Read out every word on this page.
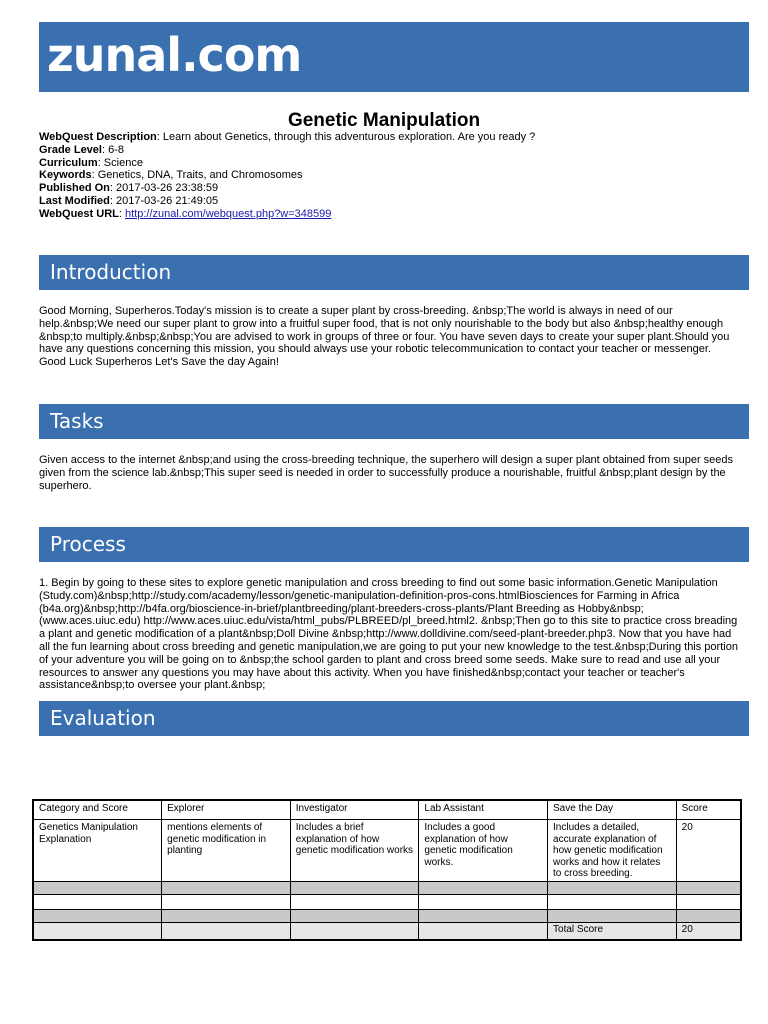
zunal.com
Genetic Manipulation
WebQuest Description: Learn about Genetics, through this adventurous exploration. Are you ready ?
Grade Level: 6-8
Curriculum: Science
Keywords: Genetics, DNA, Traits, and Chromosomes
Published On: 2017-03-26 23:38:59
Last Modified: 2017-03-26 21:49:05
WebQuest URL: http://zunal.com/webquest.php?w=348599
Introduction
Good Morning, Superheros.Today's mission is to create a super plant by cross-breeding. &nbsp;The world is always in need of our help.&nbsp;We need our super plant to grow into a fruitful super food, that is not only nourishable to the body but also &nbsp;healthy enough &nbsp;to multiply.&nbsp;&nbsp;You are advised to work in groups of three or four. You have seven days to create your super plant.Should you have any questions concerning this mission, you should always use your robotic telecommunication to contact your teacher or messenger. Good Luck Superheros Let's Save the day Again!
Tasks
Given access to the internet &nbsp;and using the cross-breeding technique, the superhero will design a super plant obtained from super seeds given from the science lab.&nbsp;This super seed is needed in order to successfully produce a nourishable, fruitful &nbsp;plant design by the superhero.
Process
1. Begin by going to these sites to explore genetic manipulation and cross breeding to find out some basic information.Genetic Manipulation (Study.com)&nbsp;http://study.com/academy/lesson/genetic-manipulation-definition-pros-cons.htmlBiosciences for Farming in Africa (b4a.org)&nbsp;http://b4fa.org/bioscience-in-brief/plantbreeding/plant-breeders-cross-plants/Plant Breeding as Hobby&nbsp;(www.aces.uiuc.edu) http://www.aces.uiuc.edu/vista/html_pubs/PLBREED/pl_breed.html2. &nbsp;Then go to this site to practice cross breading a plant and genetic modification of a plant&nbsp;Doll Divine &nbsp;http://www.dolldivine.com/seed-plant-breeder.php3. Now that you have had all the fun learning about cross breeding and genetic manipulation,we are going to put your new knowledge to the test.&nbsp;During this portion of your adventure you will be going on to &nbsp;the school garden to plant and cross breed some seeds. Make sure to read and use all your resources to answer any questions you may have about this activity. When you have finished&nbsp;contact your teacher or teacher's assistance&nbsp;to oversee your plant.&nbsp;
Evaluation
Category and Score	Explorer	Investigator	Lab Assistant	Save the Day	Score
Genetics Manipulation Explanation	mentions elements of genetic modification in planting	Includes a brief explanation of how genetic modification works	Includes a good explanation of how genetic modification works.	Includes a detailed, accurate explanation of how genetic modification works and how it relates to cross breeding.	20

				Total Score	20
